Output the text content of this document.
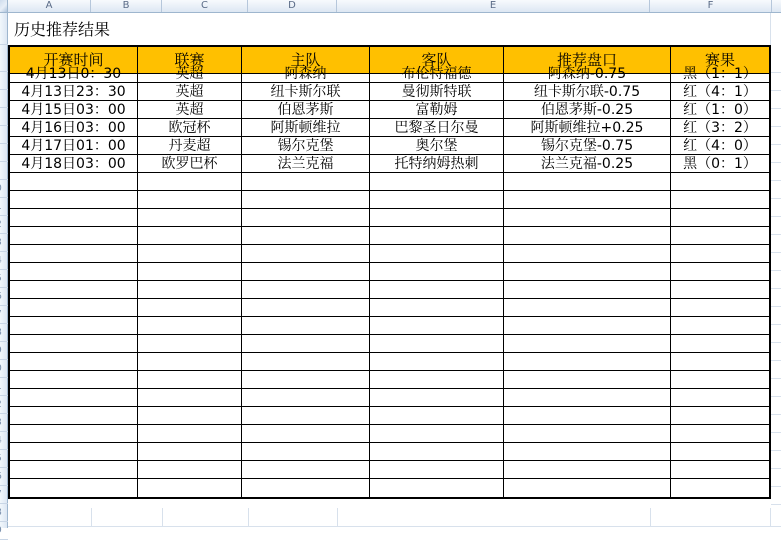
A	B	C	D	E	F
历史推荐结果
开赛时间	联赛	主队	客队	推荐盘口	赛果
4月13日0：30	英超	阿森纳	布伦特福德	阿森纳-0.75	黑（1：1）
4月13日23：30	英超	纽卡斯尔联	曼彻斯特联	纽卡斯尔联-0.75	红（4：1）
4月15日03：00	英超	伯恩茅斯	富勒姆	伯恩茅斯-0.25	红（1：0）
4月16日03：00	欧冠杯	阿斯顿维拉	巴黎圣日尔曼	阿斯顿维拉+0.25	红（3：2）
4月17日01：00	丹麦超	锡尔克堡	奥尔堡	锡尔克堡-0.75	红（4：0）
4月18日03：00	欧罗巴杯	法兰克福	托特纳姆热刺	法兰克福-0.25	黑（0：1）
